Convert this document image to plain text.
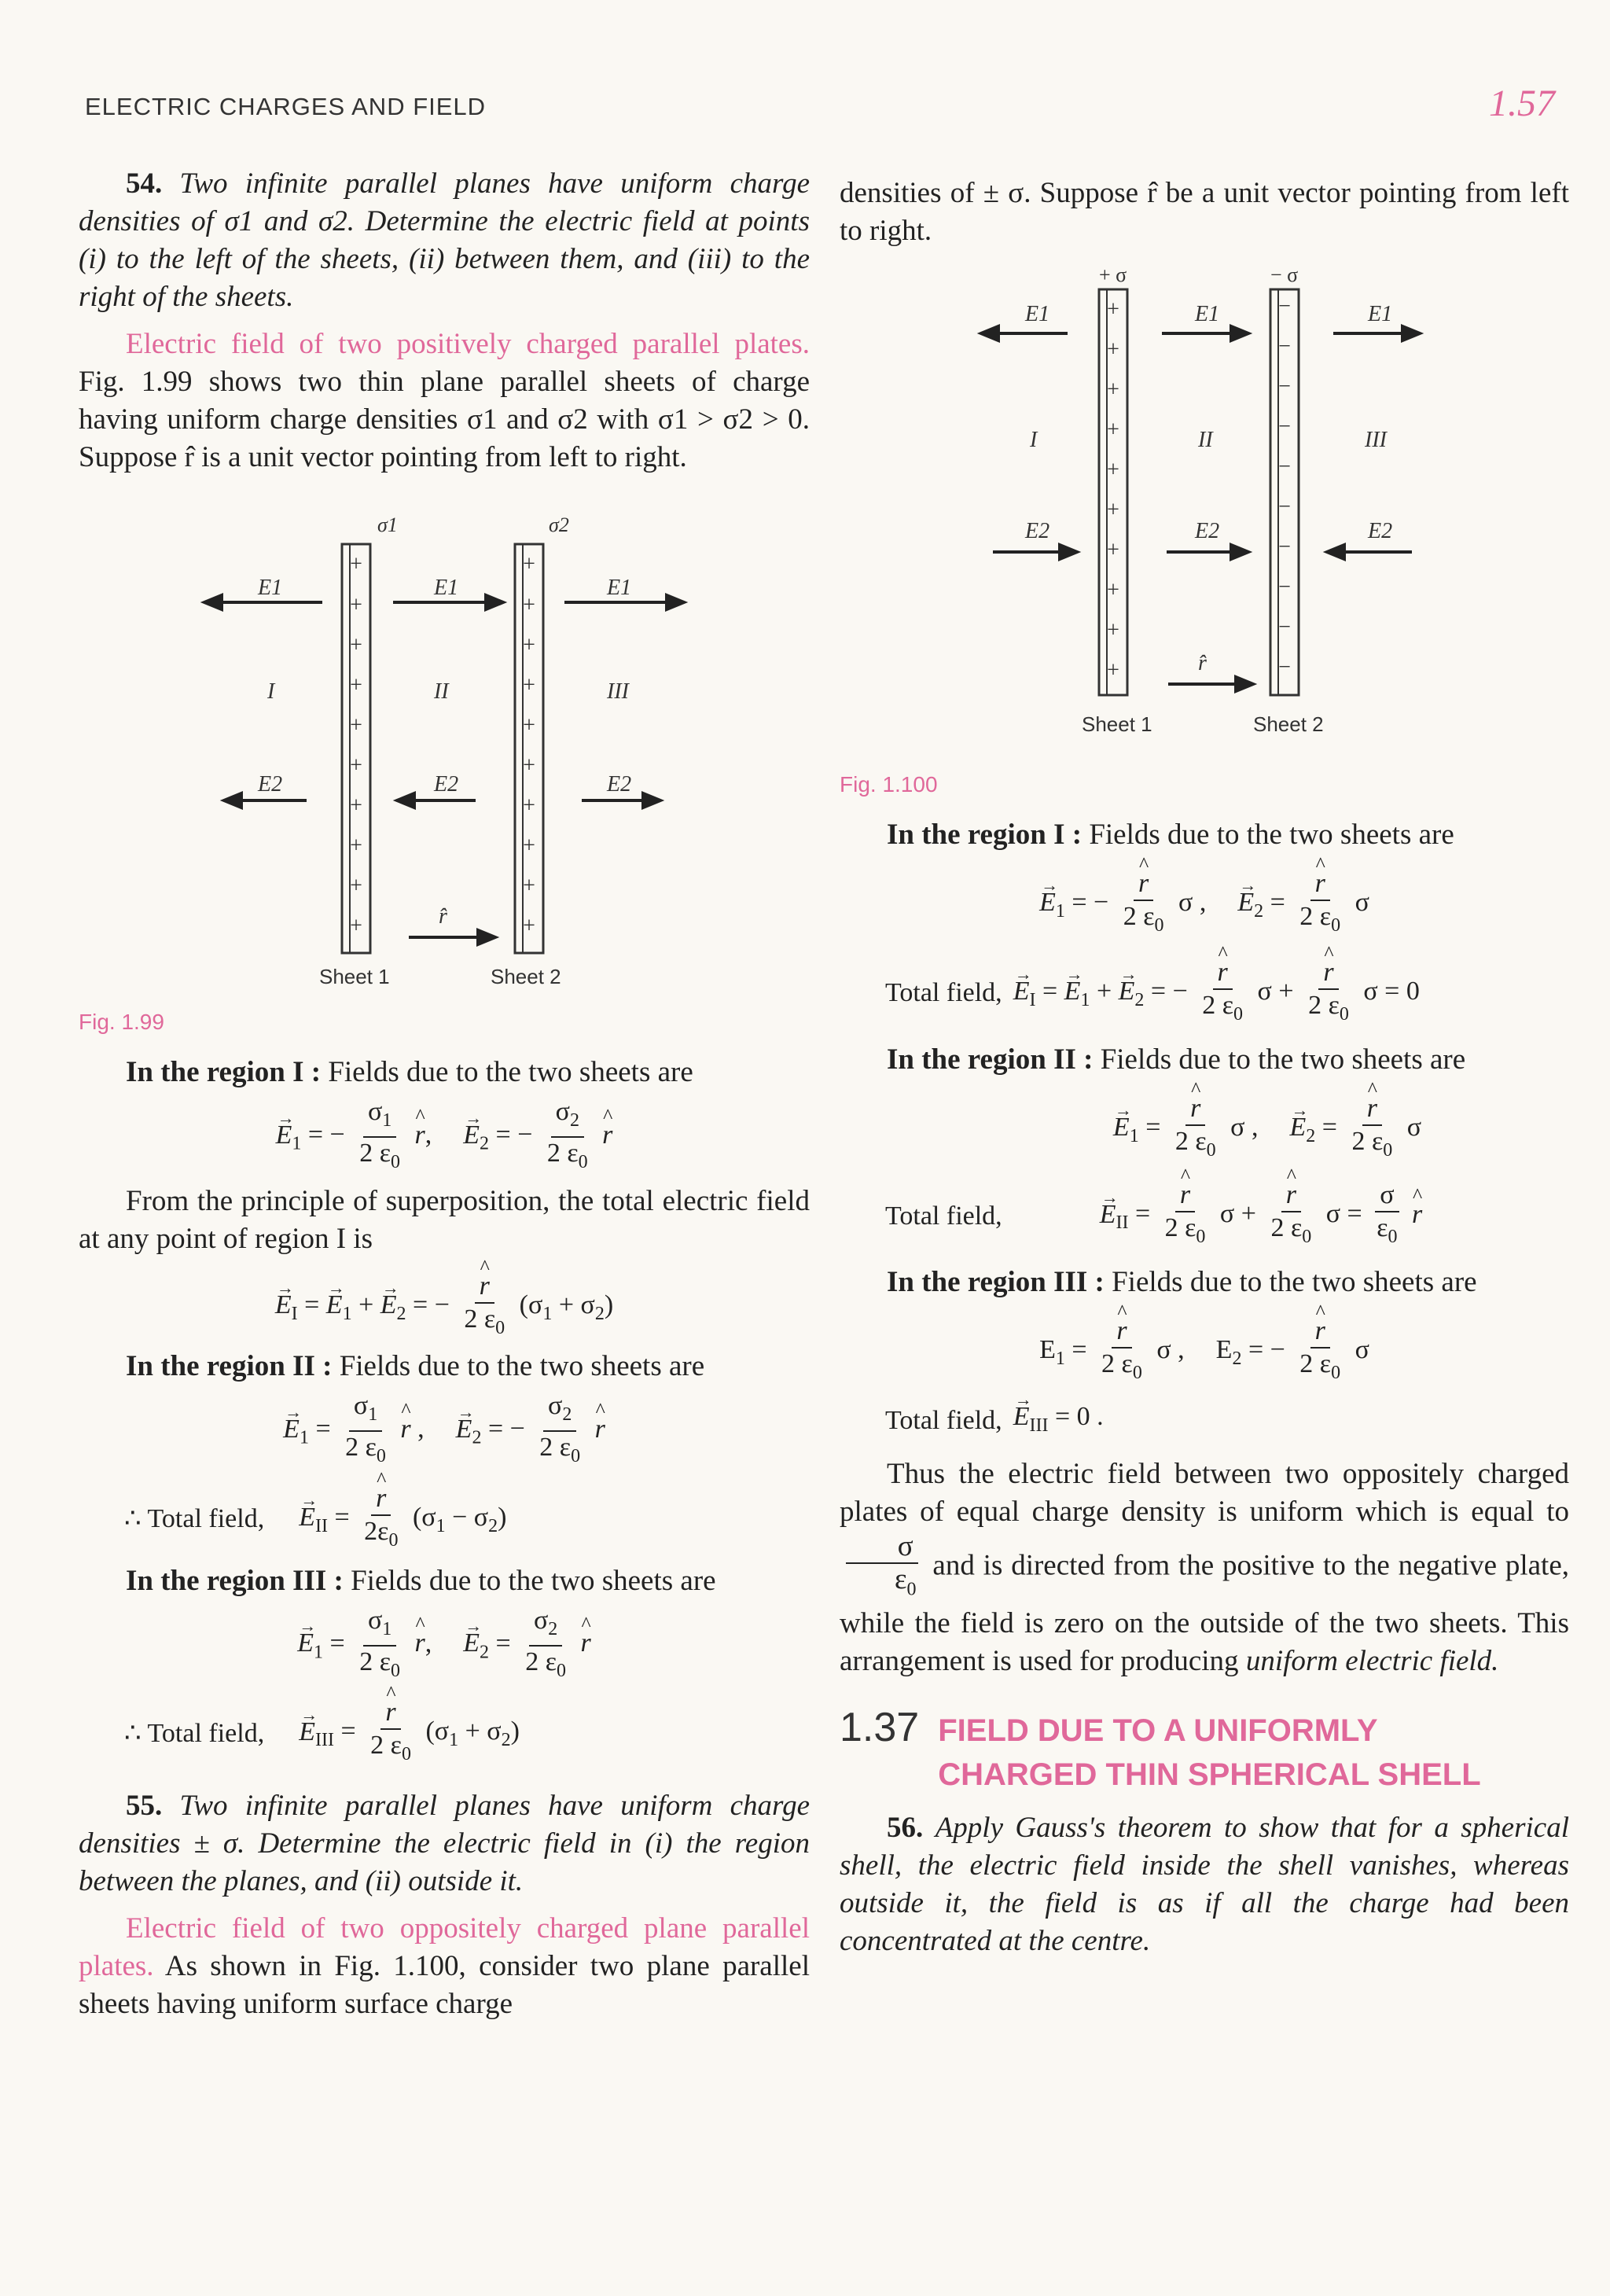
ELECTRIC CHARGES AND FIELD	1.57

54. Two infinite parallel planes have uniform charge densities of σ1 and σ2. Determine the electric field at points (i) to the left of the sheets, (ii) between them, and (iii) to the right of the sheets.

Electric field of two positively charged parallel plates. Fig. 1.99 shows two thin plane parallel sheets of charge having uniform charge densities σ1 and σ2 with σ1 > σ2 > 0. Suppose r̂ is a unit vector pointing from left to right.

σ1	σ2
+
+
+
+
+
+
+
+
+
+
+
+
+
+
+
+
+
+
+
+
E1	E1	E1
E2	E2	E2
I	II	III
r̂
Sheet 1	Sheet 2
Fig. 1.99

In the region I : Fields due to the two sheets are

→ $E_1$ = − $\frac{\sigma_1}{2 \varepsilon_0}$ ^ r, → $E_2$ = − $\frac{\sigma_2}{2 \varepsilon_0}$ ^ r

From the principle of superposition, the total electric field at any point of region I is

→ $E_I$ = → $E_1$ + → $E_2$ = − ^ $\frac{r}{2 \varepsilon_0} (\sigma_1 + \sigma_2)$

In the region II : Fields due to the two sheets are

→ $E_1 = \frac{\sigma_1}{2 \varepsilon_0}$ ^ r , → $E_2$ = − $\frac{\sigma_2}{2 \varepsilon_0}$ ^ r
∴ Total field, → $E_{II}$ = ^ $\frac{r}{2\varepsilon_0} (\sigma_1 - \sigma_2)$

In the region III : Fields due to the two sheets are

→ $E_1 = \frac{\sigma_1}{2 \varepsilon_0}$ ^ r, → $E_2 = \frac{\sigma_2}{2 \varepsilon_0}$ ^ r
∴ Total field, → $E_{III}$ = ^ $\frac{r}{2 \varepsilon_0} (\sigma_1 + \sigma_2)$

55. Two infinite parallel planes have uniform charge densities ± σ. Determine the electric field in (i) the region between the planes, and (ii) outside it.

Electric field of two oppositely charged plane parallel plates. As shown in Fig. 1.100, consider two plane parallel sheets having uniform surface charge

densities of ± σ. Suppose r̂ be a unit vector pointing from left to right.

+ σ	− σ
+
+
+
+
+
+
+
+
+
+
−
−
−
−
−
−
−
−
−
−
E1	E1	E1
E2	E2	E2
I	II	III
r̂
Sheet 1	Sheet 2
Fig. 1.100

In the region I : Fields due to the two sheets are

→ $E_1$ = − ^ $\frac{r}{2 \varepsilon_0}$ σ , → $E_2$ = ^ $\frac{r}{2 \varepsilon_0}$ σ
Total field, → $E_I$ = → $E_1$ + → $E_2$ = − ^ $\frac{r}{2 \varepsilon_0}$ σ + ^ $\frac{r}{2 \varepsilon_0}$ σ = 0

In the region II : Fields due to the two sheets are

→ $E_1$ = ^ $\frac{r}{2 \varepsilon_0}$ σ , → $E_2$ = ^ $\frac{r}{2 \varepsilon_0}$ σ
Total field,	→ $E_{II}$ = ^ $\frac{r}{2 \varepsilon_0}$ σ + ^ $\frac{r}{2 \varepsilon_0}$ $\sigma = \frac{\sigma}{\varepsilon_0}$ ^ r

In the region III : Fields due to the two sheets are

$E_1$ = ^ $\frac{r}{2 \varepsilon_0}$ σ , $E_2$ = − ^ $\frac{r}{2 \varepsilon_0}$ σ
Total field, → $E_{III} = 0$ .

Thus the electric field between two oppositely charged plates of equal charge density is uniform which is equal to
$\frac{\sigma}{\varepsilon_0}$ and is directed from the positive to the negative plate, while the field is zero on the outside of the two sheets. This arrangement is used for producing uniform electric field.

1.37 FIELD DUE TO A UNIFORMLY
CHARGED THIN SPHERICAL SHELL

56. Apply Gauss's theorem to show that for a spherical shell, the electric field inside the shell vanishes, whereas outside it, the field is as if all the charge had been concentrated at the centre.
